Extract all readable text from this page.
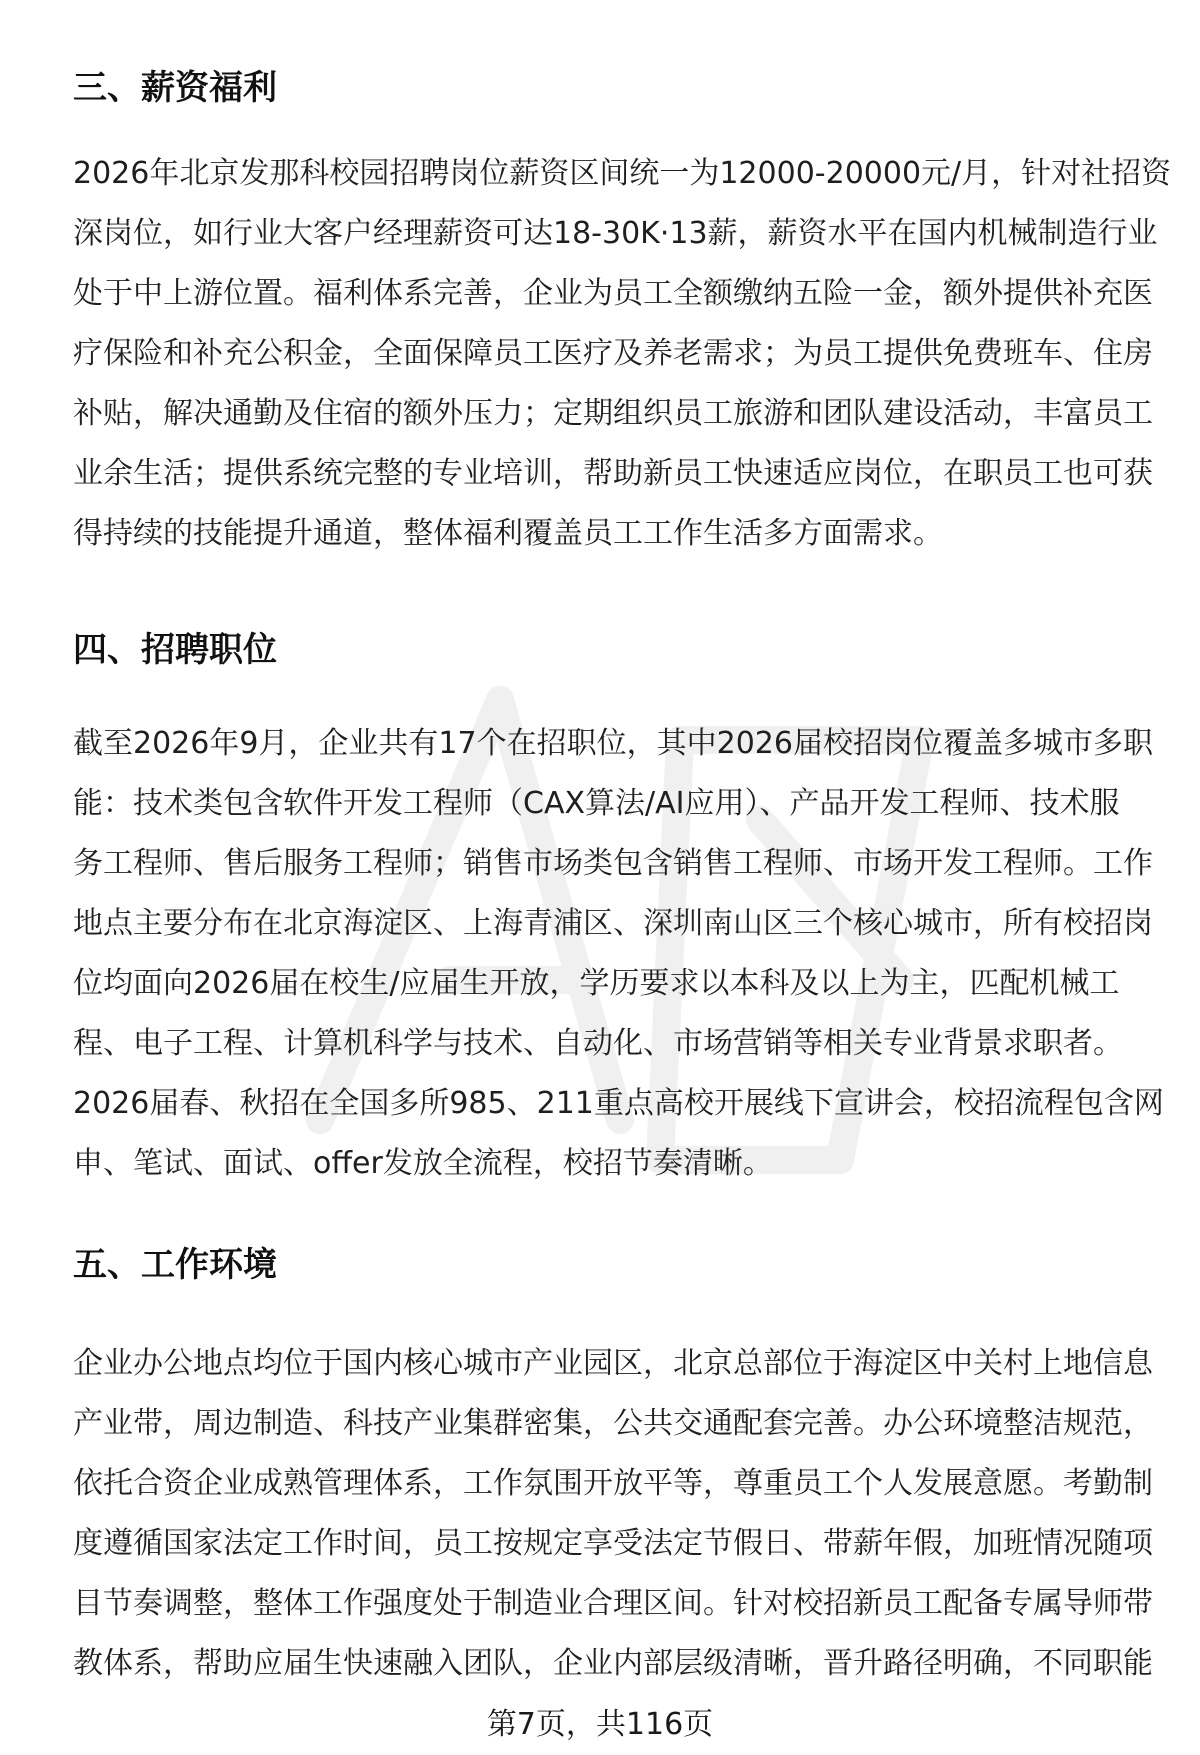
三、薪资福利
2026年北京发那科校园招聘岗位薪资区间统一为12000-20000元/月，针对社招资
深岗位，如行业大客户经理薪资可达18-30K·13薪，薪资水平在国内机械制造行业
处于中上游位置。福利体系完善，企业为员工全额缴纳五险一金，额外提供补充医
疗保险和补充公积金，全面保障员工医疗及养老需求；为员工提供免费班车、住房
补贴，解决通勤及住宿的额外压力；定期组织员工旅游和团队建设活动，丰富员工
业余生活；提供系统完整的专业培训，帮助新员工快速适应岗位，在职员工也可获
得持续的技能提升通道，整体福利覆盖员工工作生活多方面需求。
四、招聘职位
截至2026年9月，企业共有17个在招职位，其中2026届校招岗位覆盖多城市多职
能：技术类包含软件开发工程师（CAX算法/AI应用）、产品开发工程师、技术服
务工程师、售后服务工程师；销售市场类包含销售工程师、市场开发工程师。工作
地点主要分布在北京海淀区、上海青浦区、深圳南山区三个核心城市，所有校招岗
位均面向2026届在校生/应届生开放，学历要求以本科及以上为主，匹配机械工
程、电子工程、计算机科学与技术、自动化、市场营销等相关专业背景求职者。
2026届春、秋招在全国多所985、211重点高校开展线下宣讲会，校招流程包含网
申、笔试、面试、offer发放全流程，校招节奏清晰。
五、工作环境
企业办公地点均位于国内核心城市产业园区，北京总部位于海淀区中关村上地信息
产业带，周边制造、科技产业集群密集，公共交通配套完善。办公环境整洁规范，
依托合资企业成熟管理体系，工作氛围开放平等，尊重员工个人发展意愿。考勤制
度遵循国家法定工作时间，员工按规定享受法定节假日、带薪年假，加班情况随项
目节奏调整，整体工作强度处于制造业合理区间。针对校招新员工配备专属导师带
教体系，帮助应届生快速融入团队，企业内部层级清晰，晋升路径明确，不同职能
第7页，共116页
